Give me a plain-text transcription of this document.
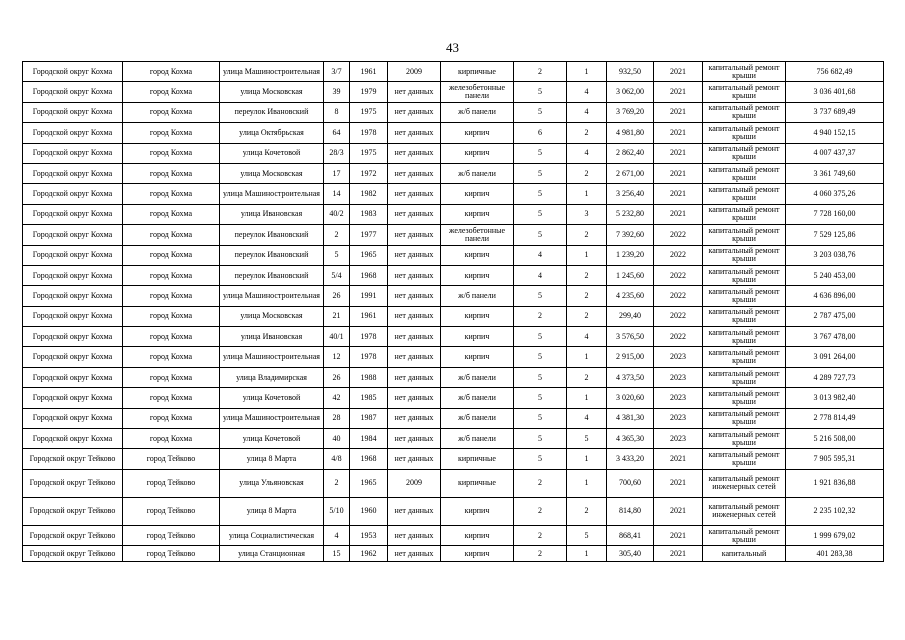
43
Городской округ Кохма	город Кохма	улица Машиностроительная	3/7	1961	2009	кирпичные	2	1	932,50	2021	капитальный ремонт крыши	756 682,49
Городской округ Кохма	город Кохма	улица Московская	39	1979	нет данных	железобетонные панели	5	4	3 062,00	2021	капитальный ремонт крыши	3 036 401,68
Городской округ Кохма	город Кохма	переулок Ивановский	8	1975	нет данных	ж/б панели	5	4	3 769,20	2021	капитальный ремонт крыши	3 737 689,49
Городской округ Кохма	город Кохма	улица Октябрьская	64	1978	нет данных	кирпич	6	2	4 981,80	2021	капитальный ремонт крыши	4 940 152,15
Городской округ Кохма	город Кохма	улица Кочетовой	28/3	1975	нет данных	кирпич	5	4	2 862,40	2021	капитальный ремонт крыши	4 007 437,37
Городской округ Кохма	город Кохма	улица Московская	17	1972	нет данных	ж/б панели	5	2	2 671,00	2021	капитальный ремонт крыши	3 361 749,60
Городской округ Кохма	город Кохма	улица Машиностроительная	14	1982	нет данных	кирпич	5	1	3 256,40	2021	капитальный ремонт крыши	4 060 375,26
Городской округ Кохма	город Кохма	улица Ивановская	40/2	1983	нет данных	кирпич	5	3	5 232,80	2021	капитальный ремонт крыши	7 728 160,00
Городской округ Кохма	город Кохма	переулок Ивановский	2	1977	нет данных	железобетонные панели	5	2	7 392,60	2022	капитальный ремонт крыши	7 529 125,86
Городской округ Кохма	город Кохма	переулок Ивановский	5	1965	нет данных	кирпич	4	1	1 239,20	2022	капитальный ремонт крыши	3 203 038,76
Городской округ Кохма	город Кохма	переулок Ивановский	5/4	1968	нет данных	кирпич	4	2	1 245,60	2022	капитальный ремонт крыши	5 240 453,00
Городской округ Кохма	город Кохма	улица Машиностроительная	26	1991	нет данных	ж/б панели	5	2	4 235,60	2022	капитальный ремонт крыши	4 636 896,00
Городской округ Кохма	город Кохма	улица Московская	21	1961	нет данных	кирпич	2	2	299,40	2022	капитальный ремонт крыши	2 787 475,00
Городской округ Кохма	город Кохма	улица Ивановская	40/1	1978	нет данных	кирпич	5	4	3 576,50	2022	капитальный ремонт крыши	3 767 478,00
Городской округ Кохма	город Кохма	улица Машиностроительная	12	1978	нет данных	кирпич	5	1	2 915,00	2023	капитальный ремонт крыши	3 091 264,00
Городской округ Кохма	город Кохма	улица Владимирская	26	1988	нет данных	ж/б панели	5	2	4 373,50	2023	капитальный ремонт крыши	4 289 727,73
Городской округ Кохма	город Кохма	улица Кочетовой	42	1985	нет данных	ж/б панели	5	1	3 020,60	2023	капитальный ремонт крыши	3 013 982,40
Городской округ Кохма	город Кохма	улица Машиностроительная	28	1987	нет данных	ж/б панели	5	4	4 381,30	2023	капитальный ремонт крыши	2 778 814,49
Городской округ Кохма	город Кохма	улица Кочетовой	40	1984	нет данных	ж/б панели	5	5	4 365,30	2023	капитальный ремонт крыши	5 216 508,00
Городской округ Тейково	город Тейково	улица 8 Марта	4/8	1968	нет данных	кирпичные	5	1	3 433,20	2021	капитальный ремонт крыши	7 905 595,31
Городской округ Тейково	город Тейково	улица Ульяновская	2	1965	2009	кирпичные	2	1	700,60	2021	капитальный ремонт инженерных сетей	1 921 836,88
Городской округ Тейково	город Тейково	улица 8 Марта	5/10	1960	нет данных	кирпич	2	2	814,80	2021	капитальный ремонт инженерных сетей	2 235 102,32
Городской округ Тейково	город Тейково	улица Социалистическая	4	1953	нет данных	кирпич	2	5	868,41	2021	капитальный ремонт крыши	1 999 679,02
Городской округ Тейково	город Тейково	улица Станционная	15	1962	нет данных	кирпич	2	1	305,40	2021	капитальный	401 283,38
